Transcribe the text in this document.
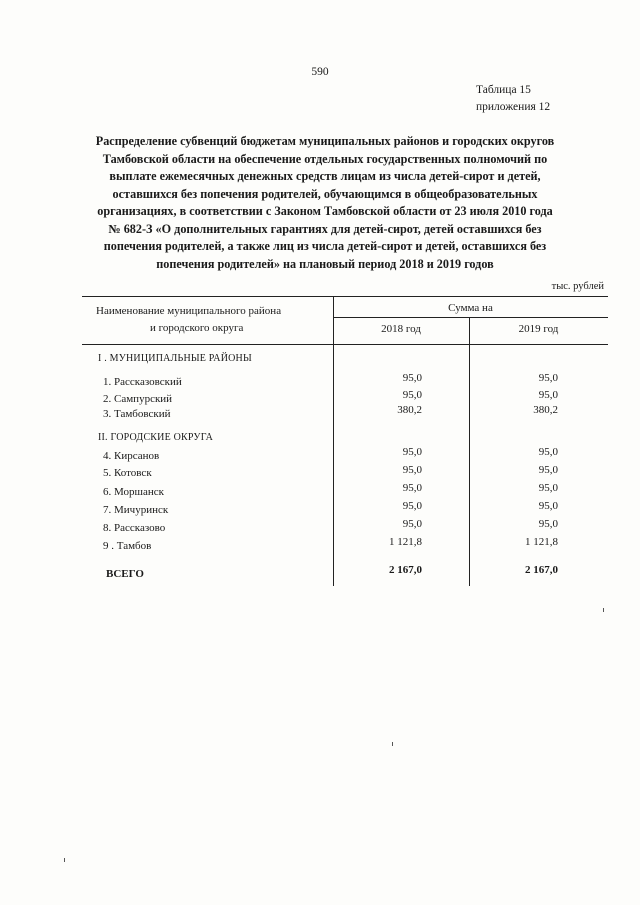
590
Таблица 15
приложения 12
Распределение субвенций бюджетам муниципальных районов и городских округов
Тамбовской области на обеспечение отдельных государственных полномочий по
выплате ежемесячных денежных средств лицам из числа детей-сирот и детей,
оставшихся без попечения родителей, обучающимся в общеобразовательных
организациях, в соответствии с Законом Тамбовской области от 23 июля 2010 года
№ 682-З «О дополнительных гарантиях для детей-сирот, детей оставшихся без
попечения родителей, а также лиц из числа детей-сирот и детей, оставшихся без
попечения родителей» на плановый период 2018 и 2019 годов
тыс. рублей
Наименование муниципального района
и городского округа
Сумма на
2018 год	2019 год
I . МУНИЦИПАЛЬНЫЕ РАЙОНЫ
1. Рассказовский	95,0	95,0
2. Сампурский	95,0	95,0
3. Тамбовский	380,2	380,2
II. ГОРОДСКИЕ ОКРУГА
4. Кирсанов	95,0	95,0
5. Котовск	95,0	95,0
6. Моршанск	95,0	95,0
7. Мичуринск	95,0	95,0
8. Рассказово	95,0	95,0
9 . Тамбов	1 121,8	1 121,8
ВСЕГО	2 167,0	2 167,0
